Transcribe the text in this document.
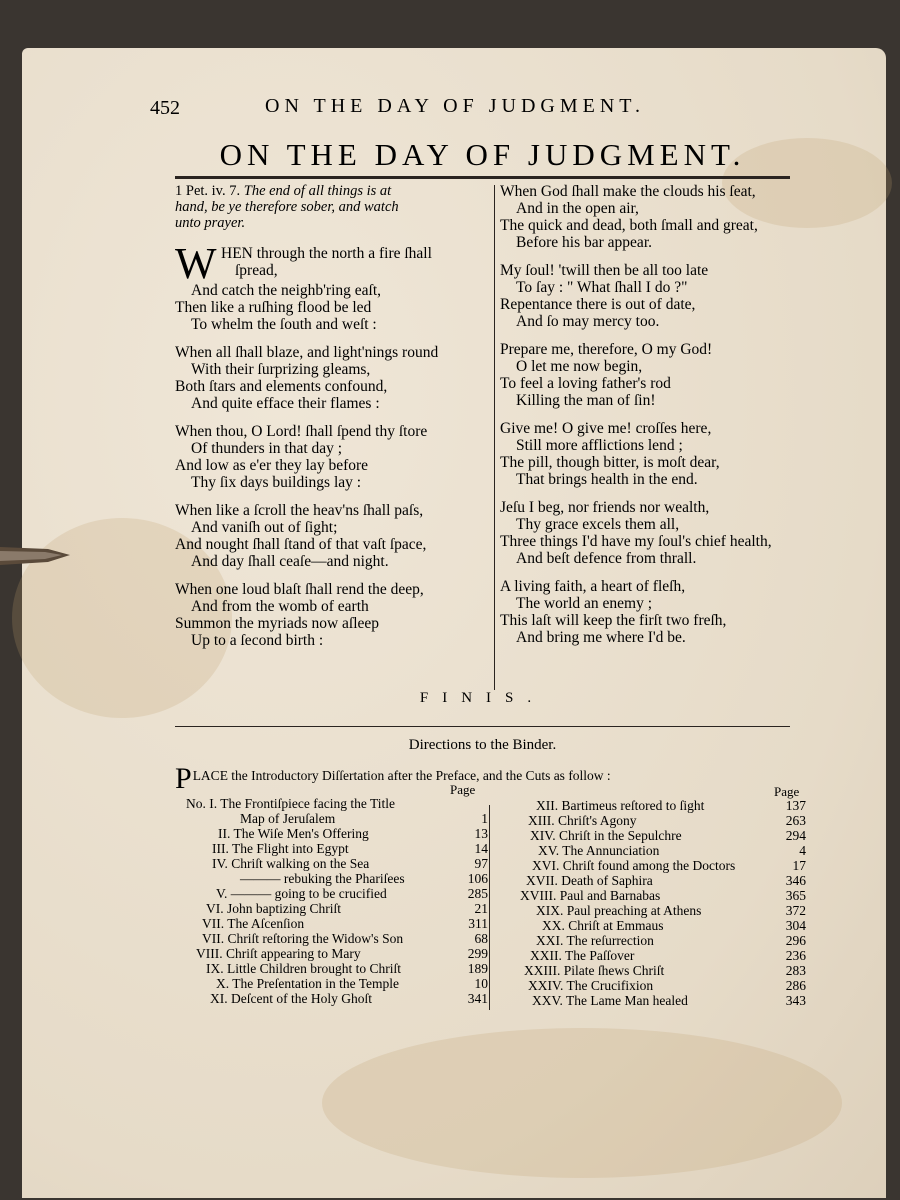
452	ON THE DAY OF JUDGMENT.
ON THE DAY OF JUDGMENT.
1 Pet. iv. 7. The end of all things is at
hand, be ye therefore sober, and watch
unto prayer.
W HEN through the north a fire ſhall
ſpread,
And catch the neighb'ring eaſt,
Then like a ruſhing flood be led
To whelm the ſouth and weſt :
When all ſhall blaze, and light'nings round
With their ſurprizing gleams,
Both ſtars and elements confound,
And quite efface their flames :
When thou, O Lord! ſhall ſpend thy ſtore
Of thunders in that day ;
And low as e'er they lay before
Thy ſix days buildings lay :
When like a ſcroll the heav'ns ſhall paſs,
And vaniſh out of ſight;
And nought ſhall ſtand of that vaſt ſpace,
And day ſhall ceaſe—and night.
When one loud blaſt ſhall rend the deep,
And from the womb of earth
Summon the myriads now aſleep
Up to a ſecond birth :
When God ſhall make the clouds his ſeat,
And in the open air,
The quick and dead, both ſmall and great,
Before his bar appear.
My ſoul! 'twill then be all too late
To ſay : " What ſhall I do ?"
Repentance there is out of date,
And ſo may mercy too.
Prepare me, therefore, O my God!
O let me now begin,
To feel a loving father's rod
Killing the man of ſin!
Give me! O give me! croſſes here,
Still more afflictions lend ;
The pill, though bitter, is moſt dear,
That brings health in the end.
Jeſu I beg, nor friends nor wealth,
Thy grace excels them all,
Three things I'd have my ſoul's chief health,
And beſt defence from thrall.
A living faith, a heart of fleſh,
The world an enemy ;
This laſt will keep the firſt two freſh,
And bring me where I'd be.
FINIS.
Directions to the Binder.
PLACE the Introductory Diſſertation after the Preface, and the Cuts as follow :
Page	Page
No. I. The Frontiſpiece facing the Title
Map of Jeruſalem	1
II. The Wiſe Men's Offering	13
III. The Flight into Egypt	14
IV. Chriſt walking on the Sea	97
——— rebuking the Phariſees	106
V. ——— going to be crucified	285
VI. John baptizing Chriſt	21
VII. The Aſcenſion	311
VII. Chriſt reſtoring the Widow's Son	68
VIII. Chriſt appearing to Mary	299
IX. Little Children brought to Chriſt	189
X. The Preſentation in the Temple	10
XI. Deſcent of the Holy Ghoſt	341
XII. Bartimeus reſtored to ſight	137
XIII. Chriſt's Agony	263
XIV. Chriſt in the Sepulchre	294
XV. The Annunciation	4
XVI. Chriſt found among the Doctors	17
XVII. Death of Saphira	346
XVIII. Paul and Barnabas	365
XIX. Paul preaching at Athens	372
XX. Chriſt at Emmaus	304
XXI. The reſurrection	296
XXII. The Paſſover	236
XXIII. Pilate ſhews Chriſt	283
XXIV. The Crucifixion	286
XXV. The Lame Man healed	343
